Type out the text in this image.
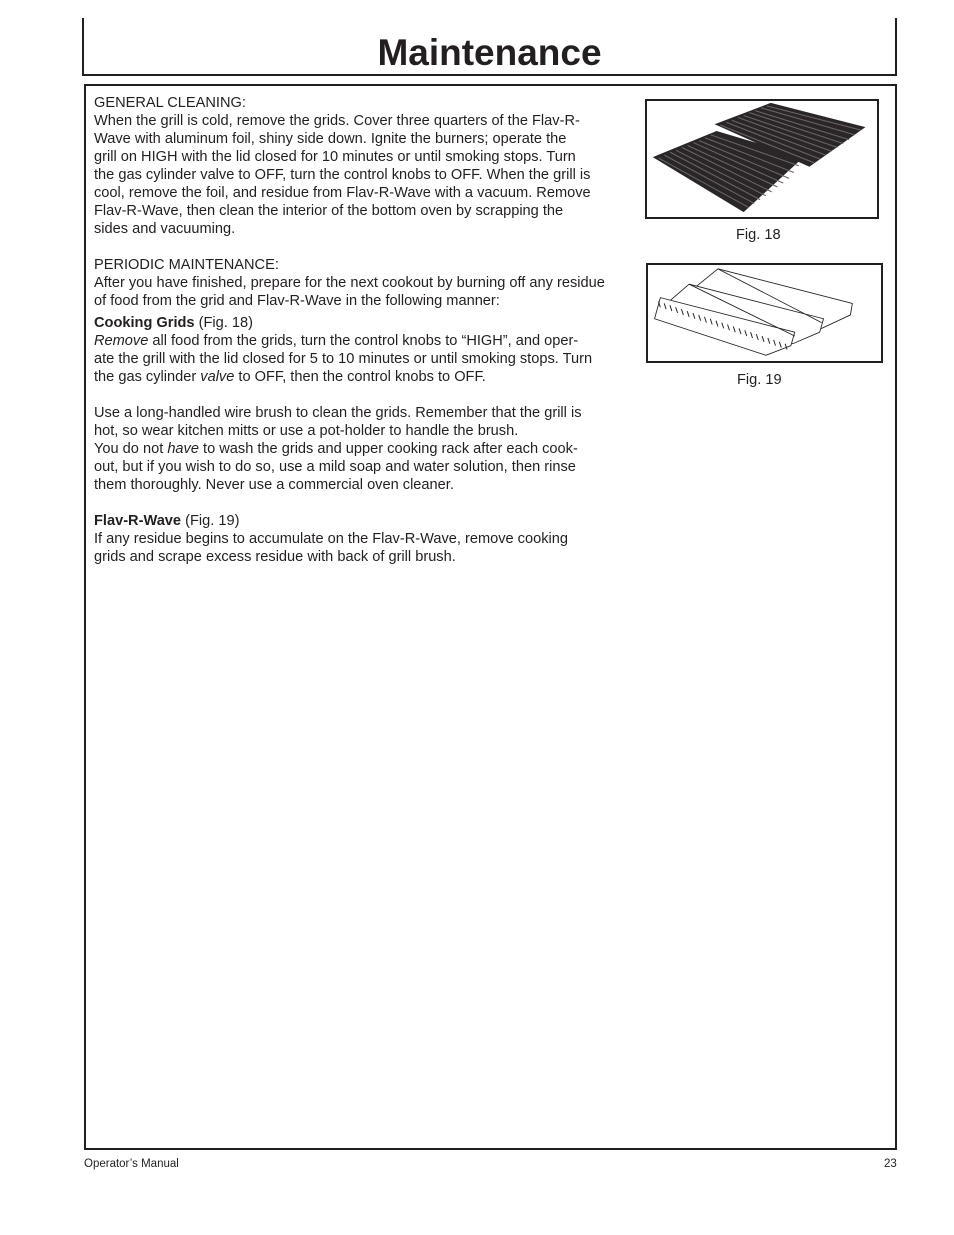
Maintenance

GENERAL CLEANING:

When the grill is cold, remove the grids. Cover three quarters of the Flav-R-

Wave with aluminum foil, shiny side down. Ignite the burners; operate the

grill on HIGH with the lid closed for 10 minutes or until smoking stops. Turn

the gas cylinder valve to OFF, turn the control knobs to OFF. When the grill is

cool, remove the foil, and residue from Flav-R-Wave with a vacuum. Remove

Flav-R-Wave, then clean the interior of the bottom oven by scrapping the

sides and vacuuming.

PERIODIC MAINTENANCE:

After you have finished, prepare for the next cookout by burning off any residue

of food from the grid and Flav-R-Wave in the following manner:

Cooking Grids (Fig. 18)

Remove all food from the grids, turn the control knobs to “HIGH”, and oper-

ate the grill with the lid closed for 5 to 10 minutes or until smoking stops. Turn

the gas cylinder valve to OFF, then the control knobs to OFF.

Use a long-handled wire brush to clean the grids. Remember that the grill is

hot, so wear kitchen mitts or use a pot-holder to handle the brush.

You do not have to wash the grids and upper cooking rack after each cook-

out, but if you wish to do so, use a mild soap and water solution, then rinse

them thoroughly. Never use a commercial oven cleaner.

Flav-R-Wave (Fig. 19)

If any residue begins to accumulate on the Flav-R-Wave, remove cooking

grids and scrape excess residue with back of grill brush.

Fig. 18
Fig. 19
Operator’s Manual	23
